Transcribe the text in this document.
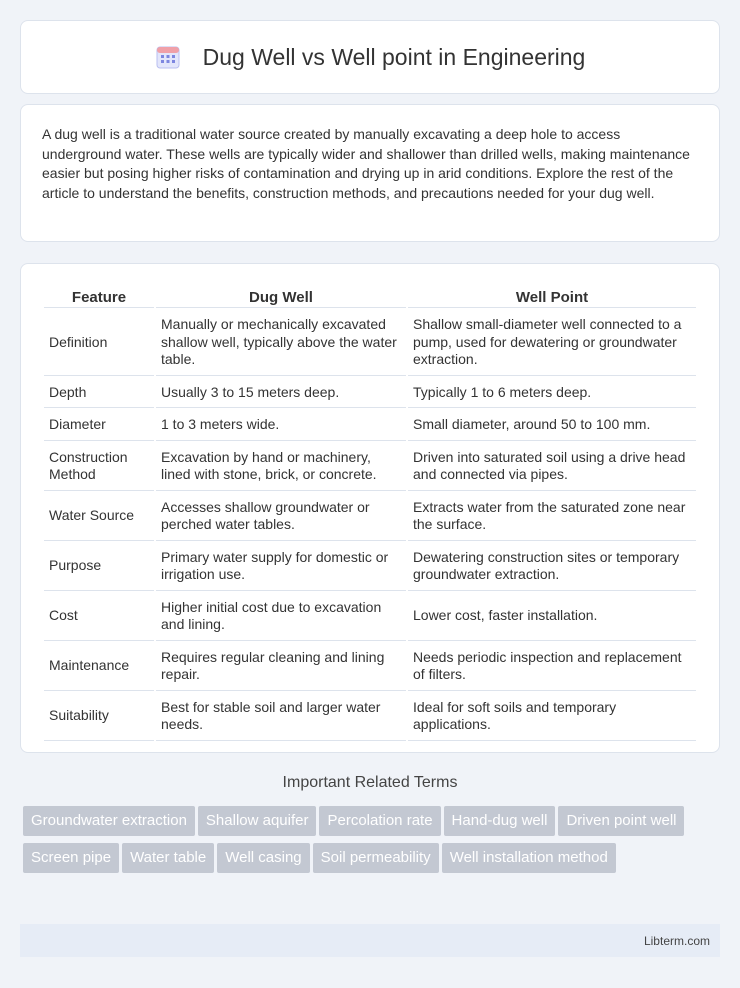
Dug Well vs Well point in Engineering

A dug well is a traditional water source created by manually excavating a deep hole to access underground water. These wells are typically wider and shallower than drilled wells, making maintenance easier but posing higher risks of contamination and drying up in arid conditions. Explore the rest of the article to understand the benefits, construction methods, and precautions needed for your dug well.

Feature	Dug Well	Well Point
Definition	Manually or mechanically excavated shallow well, typically above the water table.	Shallow small-diameter well connected to a pump, used for dewatering or groundwater extraction.
Depth	Usually 3 to 15 meters deep.	Typically 1 to 6 meters deep.
Diameter	1 to 3 meters wide.	Small diameter, around 50 to 100 mm.
Construction Method	Excavation by hand or machinery, lined with stone, brick, or concrete.	Driven into saturated soil using a drive head and connected via pipes.
Water Source	Accesses shallow groundwater or perched water tables.	Extracts water from the saturated zone near the surface.
Purpose	Primary water supply for domestic or irrigation use.	Dewatering construction sites or temporary groundwater extraction.
Cost	Higher initial cost due to excavation and lining.	Lower cost, faster installation.
Maintenance	Requires regular cleaning and lining repair.	Needs periodic inspection and replacement of filters.
Suitability	Best for stable soil and larger water needs.	Ideal for soft soils and temporary applications.
Important Related Terms
Groundwater extraction Shallow aquifer Percolation rate Hand-dug well Driven point wellScreen pipe Water table Well casing Soil permeability Well installation method
Libterm.com
